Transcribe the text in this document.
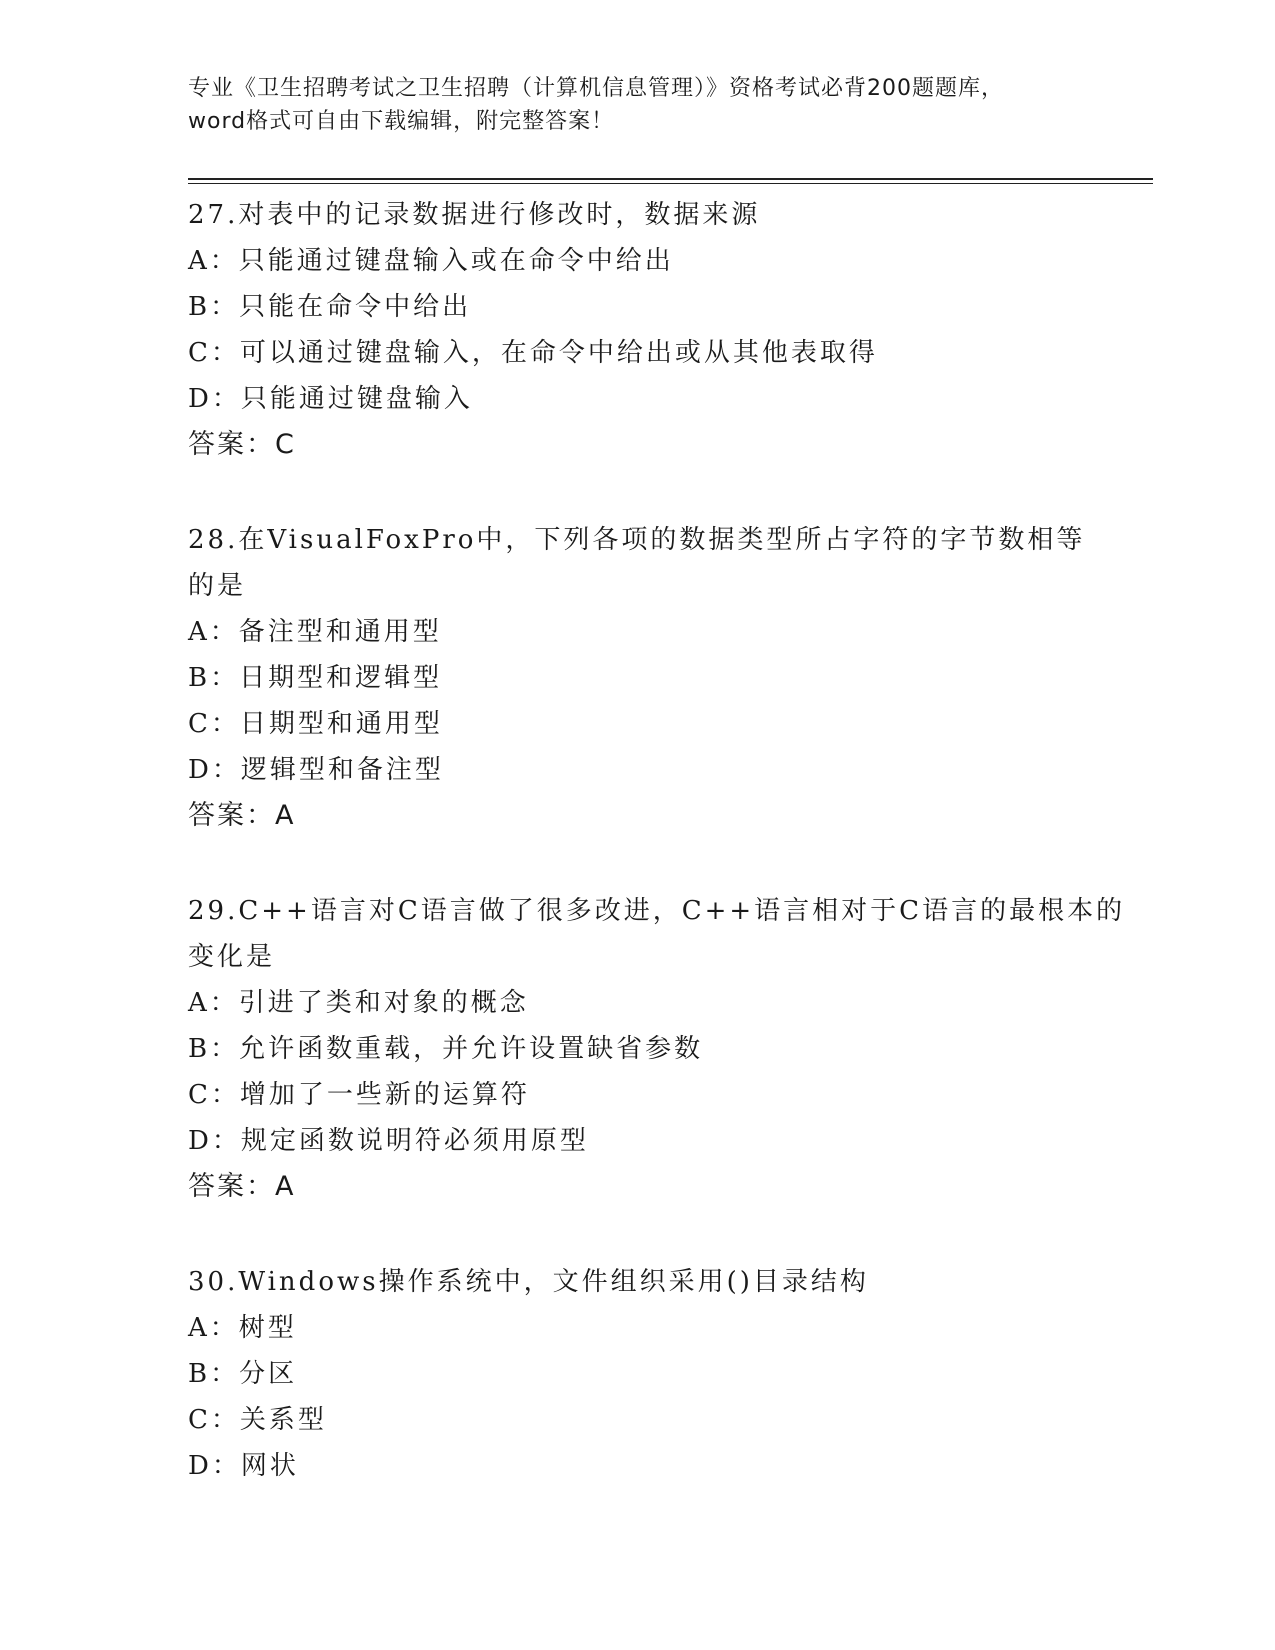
专业《卫生招聘考试之卫生招聘（计算机信息管理）》资格考试必背200题题库，
word格式可自由下载编辑，附完整答案！
27.对表中的记录数据进行修改时，数据来源
A：只能通过键盘输入或在命令中给出
B：只能在命令中给出
C：可以通过键盘输入，在命令中给出或从其他表取得
D：只能通过键盘输入
答案：C
28.在VisualFoxPro中，下列各项的数据类型所占字符的字节数相等
的是
A：备注型和通用型
B：日期型和逻辑型
C：日期型和通用型
D：逻辑型和备注型
答案：A
29.C++语言对C语言做了很多改进，C++语言相对于C语言的最根本的
变化是
A：引进了类和对象的概念
B：允许函数重载，并允许设置缺省参数
C：增加了一些新的运算符
D：规定函数说明符必须用原型
答案：A
30.Windows操作系统中，文件组织采用()目录结构
A：树型
B：分区
C：关系型
D：网状
